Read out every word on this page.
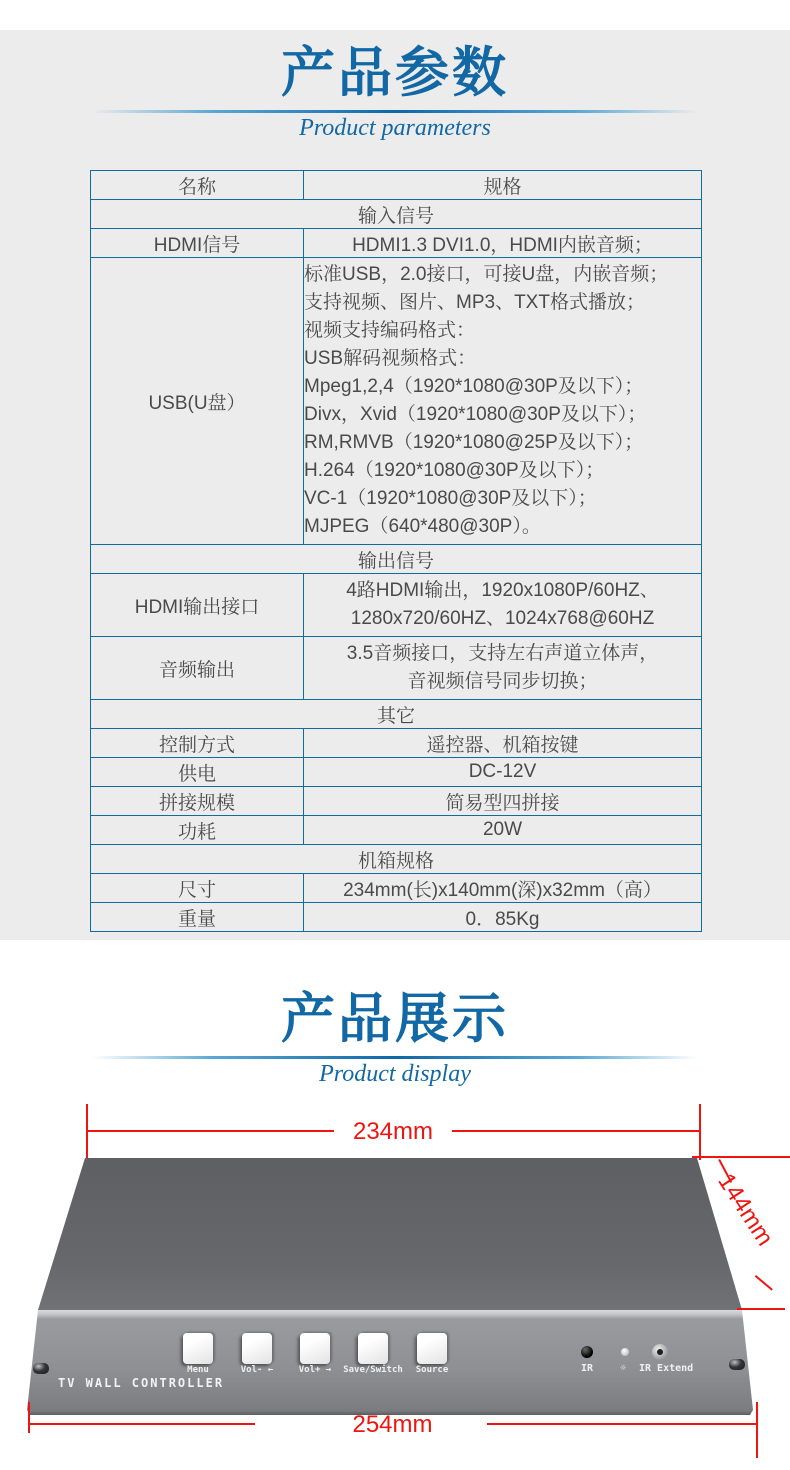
产品参数
Product parameters
名称	规格
输入信号	
HDMI信号	HDMI1.3 DVI1.0，HDMI内嵌音频；

USB(U盘）	
标准USB，2.0接口，可接U盘，内嵌音频；
支持视频、图片、MP3、TXT格式播放；
视频支持编码格式：
USB解码视频格式：
Mpeg1,2,4（1920*1080@30P及以下）；
Divx，Xvid（1920*1080@30P及以下）；
RM,RMVB（1920*1080@25P及以下）；
H.264（1920*1080@30P及以下）；
VC-1（1920*1080@30P及以下）；
MJPEG（640*480@30P）。

输出信号	
HDMI输出接口	4路HDMI输出，1920x1080P/60HZ、
1280x720/60HZ、1024x768@60HZ

音频输出	3.5音频接口，支持左右声道立体声，
音视频信号同步切换；

其它	
控制方式	遥控器、机箱按键

供电	DC-12V

拼接规模	简易型四拼接

功耗	20W

机箱规格	
尺寸	234mm(长)x140mm(深)x32mm（高）

重量	0．85Kg
产品展示
Product display
234mm
TV WALL CONTROLLER
Menu	Vol- ←	Vol+ →	Save/Switch	Source	IR	☼ IR Extend
144mm
254mm
